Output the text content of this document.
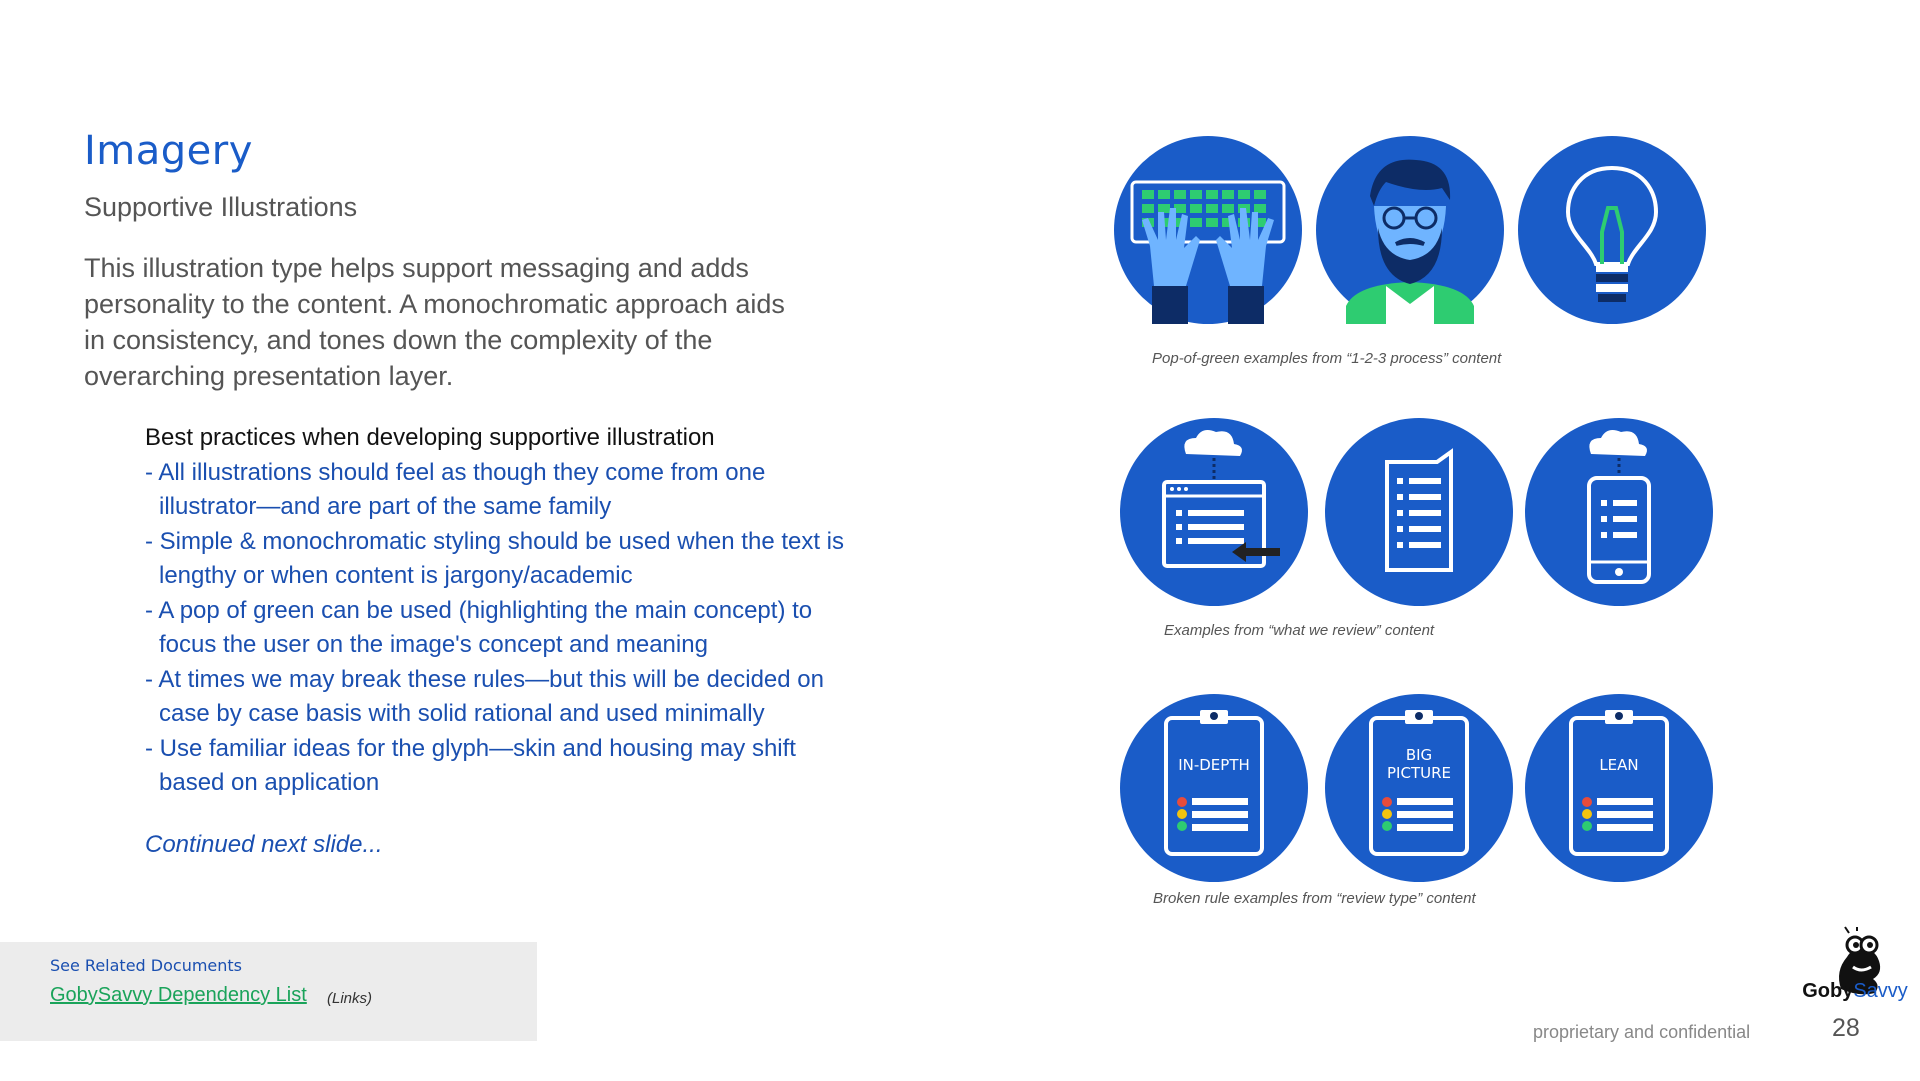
Imagery
Supportive Illustrations
This illustration type helps support messaging and adds personality to the content. A monochromatic approach aids in consistency, and tones down the complexity of the overarching presentation layer.
Best practices when developing supportive illustration
- All illustrations should feel as though they come from one illustrator—and are part of the same family
- Simple & monochromatic styling should be used when the text is lengthy or when content is jargony/academic
- A pop of green can be used (highlighting the main concept) to focus the user on the image's concept and meaning
- At times we may break these rules—but this will be decided on case by case basis with solid rational and used minimally
- Use familiar ideas for the glyph—skin and housing may shift based on application
Continued next slide...
See Related Documents
GobySavvy Dependency List (Links)
Pop-of-green examples from “1-2-3 process” content
Examples from “what we review” content
IN-DEPTH
BIG
PICTURE	LEAN
Broken rule examples from “review type” content
GobySavvy
proprietary and confidential	28
